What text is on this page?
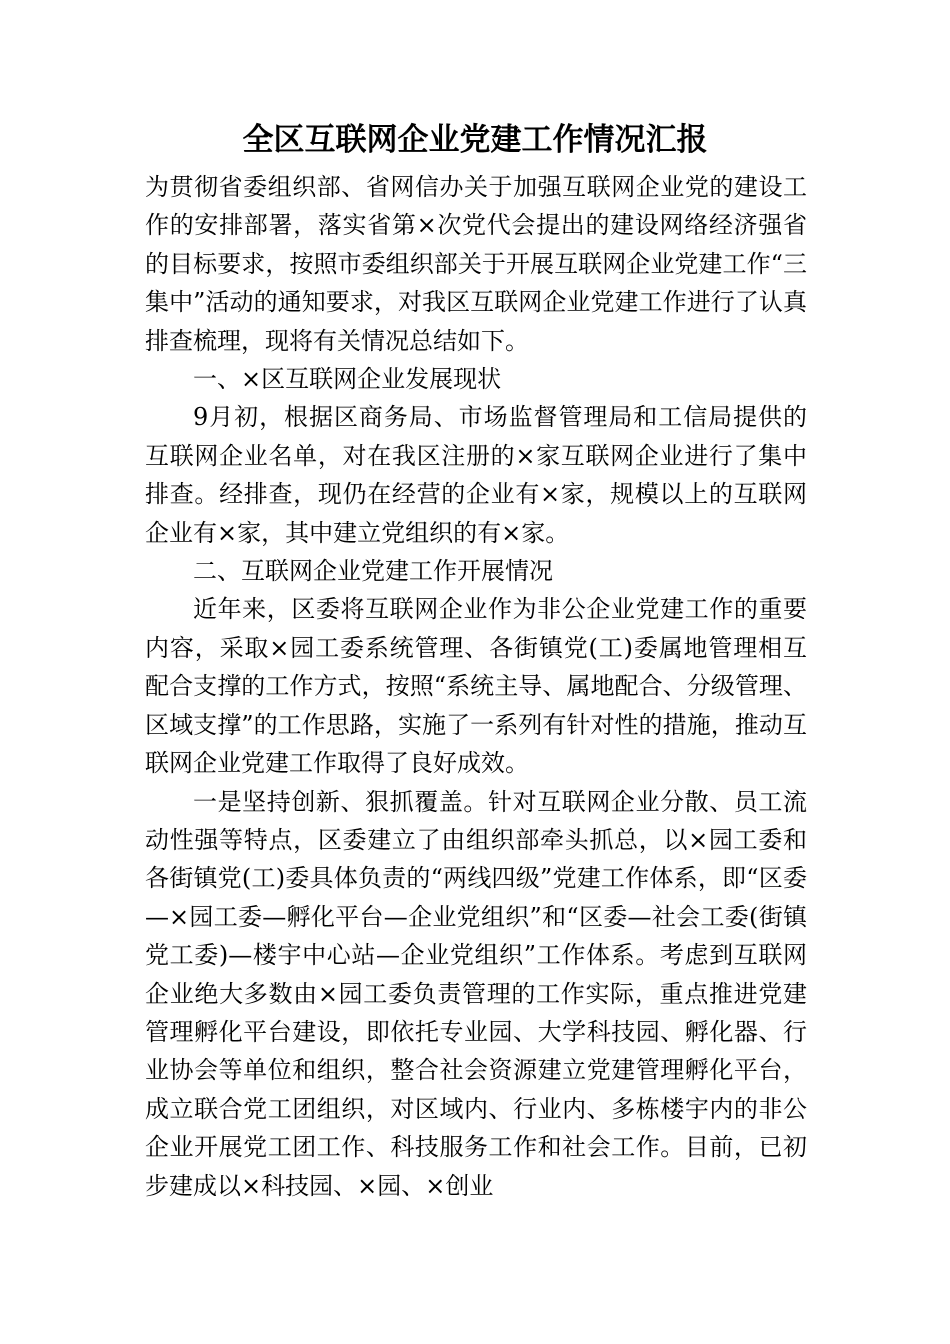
全区互联网企业党建工作情况汇报

为贯彻省委组织部、省网信办关于加强互联网企业党的建设工作的安排部署，落实省第×次党代会提出的建设网络经济强省的目标要求，按照市委组织部关于开展互联网企业党建工作“三集中”活动的通知要求，对我区互联网企业党建工作进行了认真排查梳理，现将有关情况总结如下。

一、×区互联网企业发展现状

9月初，根据区商务局、市场监督管理局和工信局提供的互联网企业名单，对在我区注册的×家互联网企业进行了集中排查。经排查，现仍在经营的企业有×家，规模以上的互联网企业有×家，其中建立党组织的有×家。

二、互联网企业党建工作开展情况

近年来，区委将互联网企业作为非公企业党建工作的重要内容，采取×园工委系统管理、各街镇党(工)委属地管理相互配合支撑的工作方式，按照“系统主导、属地配合、分级管理、区域支撑”的工作思路，实施了一系列有针对性的措施，推动互联网企业党建工作取得了良好成效。

一是坚持创新、狠抓覆盖。针对互联网企业分散、员工流动性强等特点，区委建立了由组织部牵头抓总，以×园工委和各街镇党(工)委具体负责的“两线四级”党建工作体系，即“区委—×园工委—孵化平台—企业党组织”和“区委—社会工委(街镇党工委)—楼宇中心站—企业党组织”工作体系。考虑到互联网企业绝大多数由×园工委负责管理的工作实际，重点推进党建管理孵化平台建设，即依托专业园、大学科技园、孵化器、行业协会等单位和组织，整合社会资源建立党建管理孵化平台，成立联合党工团组织，对区域内、行业内、多栋楼宇内的非公企业开展党工团工作、科技服务工作和社会工作。目前，已初步建成以×科技园、×园、×创业
